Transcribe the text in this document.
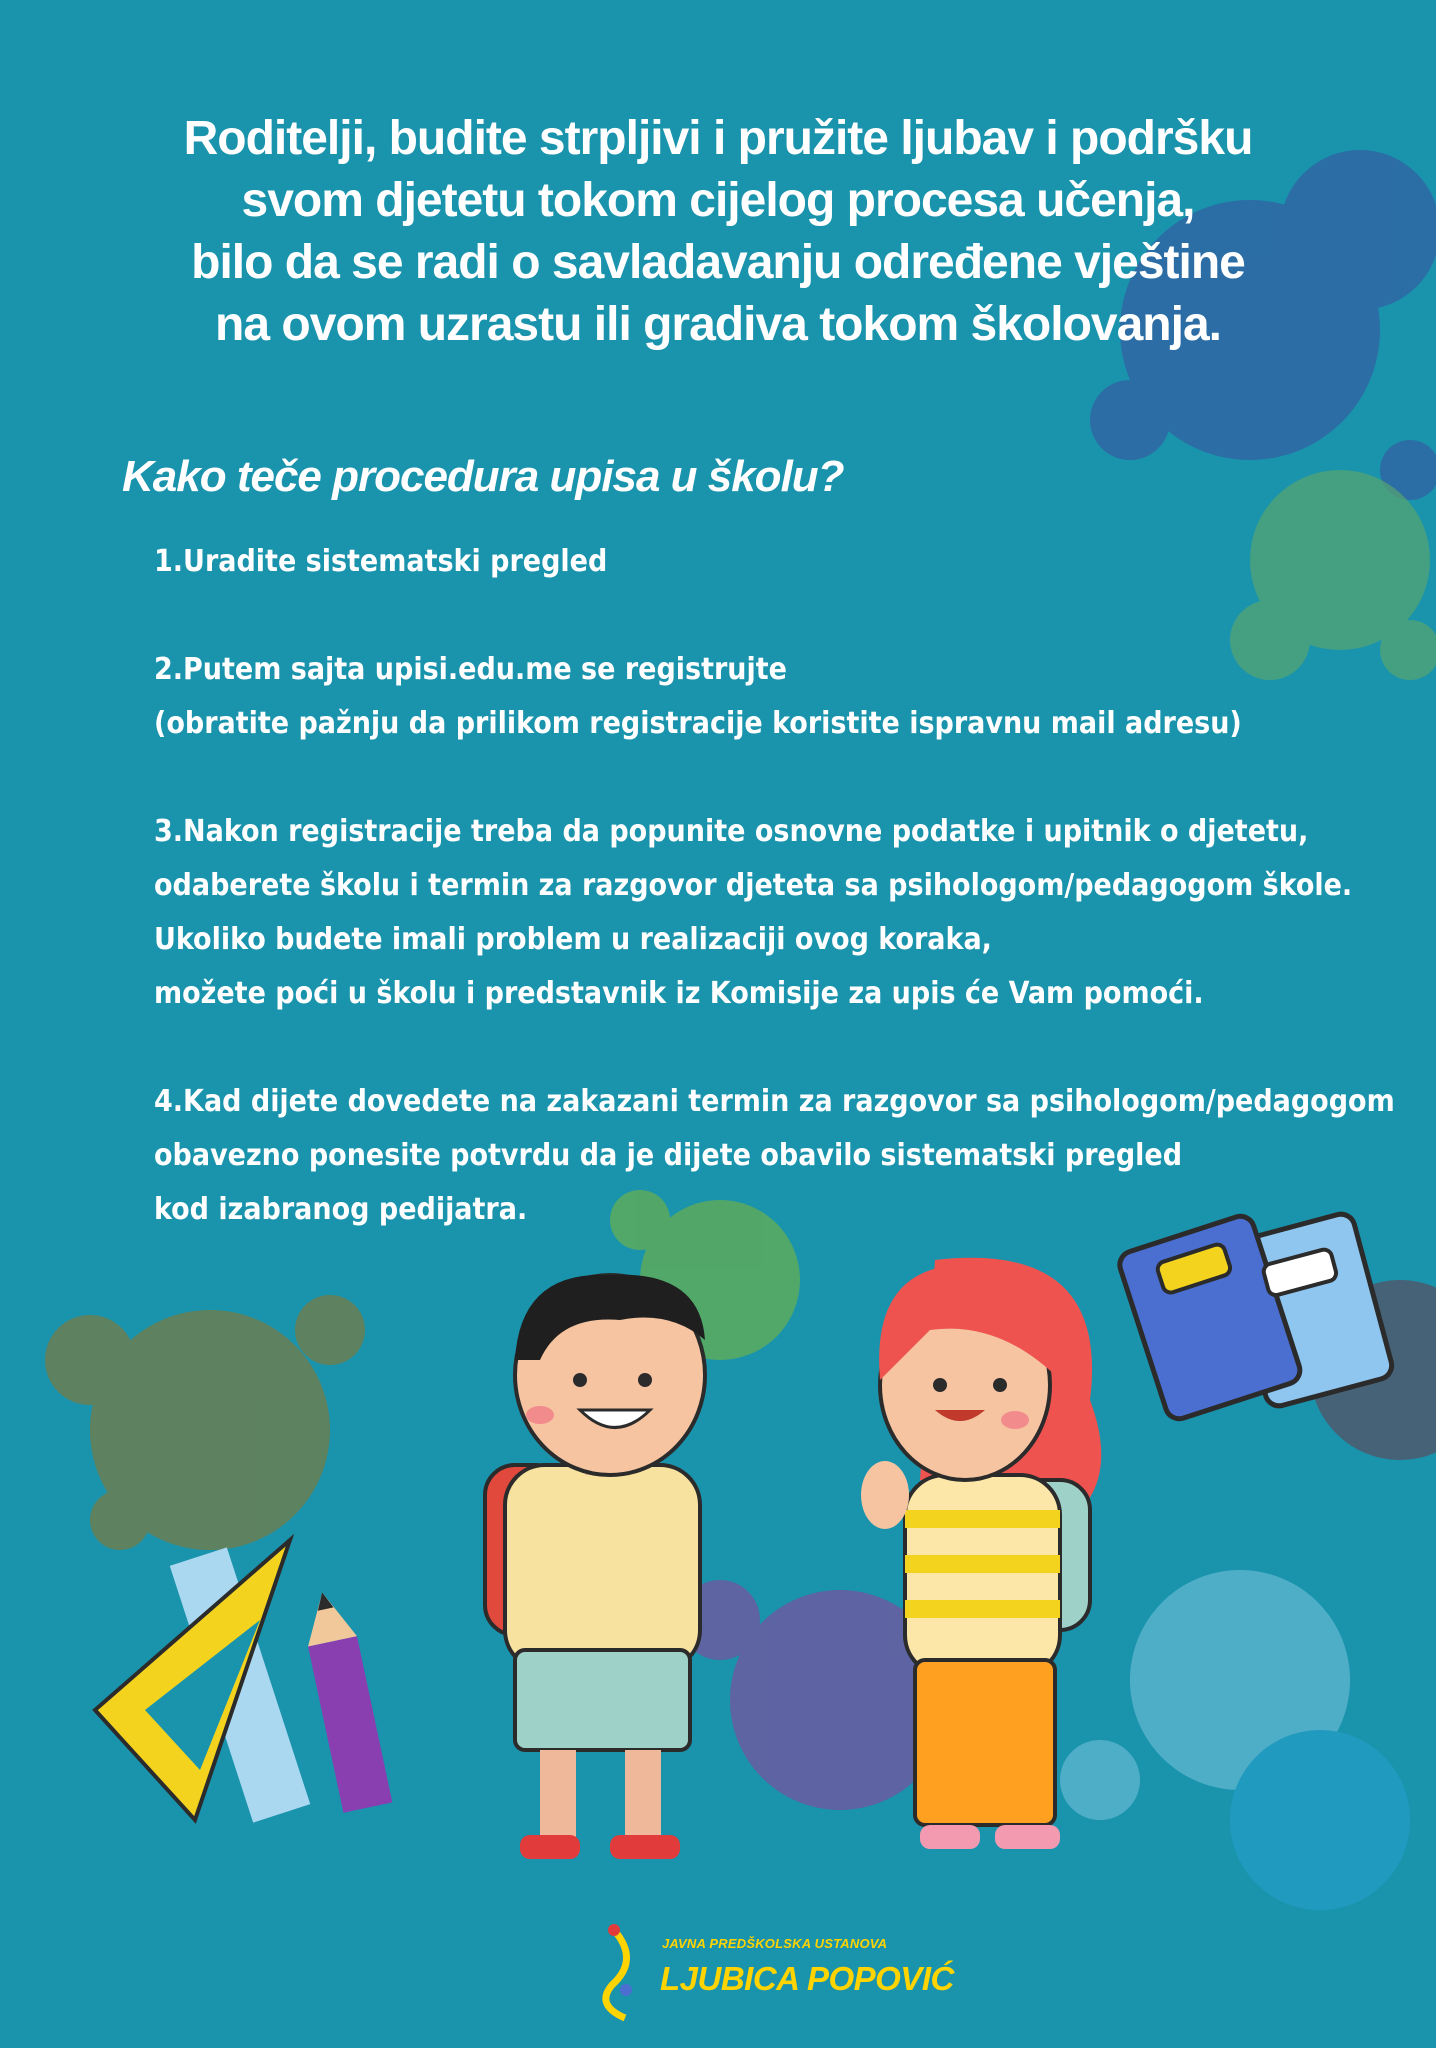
Roditelji, budite strpljivi i pružite ljubav i podršku
svom djetetu tokom cijelog procesa učenja,
bilo da se radi o savladavanju određene vještine
na ovom uzrastu ili gradiva tokom školovanja.
Kako teče procedura upisa u školu?
1.Uradite sistematski pregled
2.Putem sajta upisi.edu.me se registrujte
(obratite pažnju da prilikom registracije koristite ispravnu mail adresu)
3.Nakon registracije treba da popunite osnovne podatke i upitnik o djetetu,
odaberete školu i termin za razgovor djeteta sa psihologom/pedagogom škole.
Ukoliko budete imali problem u realizaciji ovog koraka,
možete poći u školu i predstavnik iz Komisije za upis će Vam pomoći.
4.Kad dijete dovedete na zakazani termin za razgovor sa psihologom/pedagogom
obavezno ponesite potvrdu da je dijete obavilo sistematski pregled
kod izabranog pedijatra.
JAVNA PREDŠKOLSKA USTANOVA
LJUBICA POPOVIĆ
